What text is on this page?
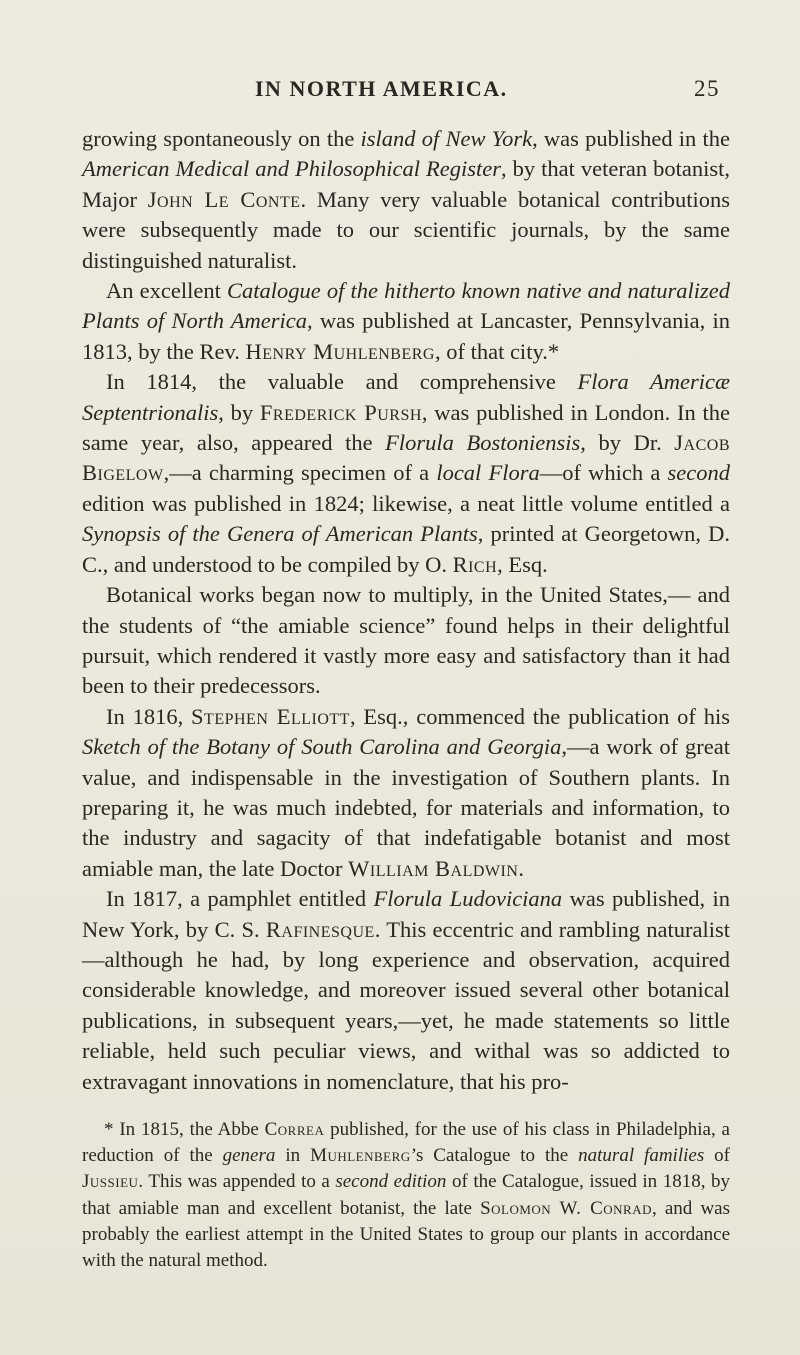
IN NORTH AMERICA.	25

growing spontaneously on the island of New York, was published in the American Medical and Philosophical Register, by that veteran botanist, Major John Le Conte. Many very valuable botanical contributions were subsequently made to our scientific journals, by the same distinguished naturalist.

An excellent Catalogue of the hitherto known native and naturalized Plants of North America, was published at Lancaster, Pennsylvania, in 1813, by the Rev. Henry Muhlenberg, of that city.*

In 1814, the valuable and comprehensive Flora Americæ Septentrionalis, by Frederick Pursh, was published in London. In the same year, also, appeared the Florula Bostoniensis, by Dr. Jacob Bigelow,—a charming specimen of a local Flora—of which a second edition was published in 1824; likewise, a neat little volume entitled a Synopsis of the Genera of American Plants, printed at Georgetown, D. C., and understood to be compiled by O. Rich, Esq.

Botanical works began now to multiply, in the United States,— and the students of “the amiable science” found helps in their delightful pursuit, which rendered it vastly more easy and satisfactory than it had been to their predecessors.

In 1816, Stephen Elliott, Esq., commenced the publication of his Sketch of the Botany of South Carolina and Georgia,—a work of great value, and indispensable in the investigation of Southern plants. In preparing it, he was much indebted, for materials and information, to the industry and sagacity of that indefatigable botanist and most amiable man, the late Doctor William Baldwin.

In 1817, a pamphlet entitled Florula Ludoviciana was published, in New York, by C. S. Rafinesque. This eccentric and rambling naturalist—although he had, by long experience and observation, acquired considerable knowledge, and moreover issued several other botanical publications, in subsequent years,—yet, he made statements so little reliable, held such peculiar views, and withal was so addicted to extravagant innovations in nomenclature, that his pro-

* In 1815, the Abbe Correa published, for the use of his class in Philadelphia, a reduction of the genera in Muhlenberg’s Catalogue to the natural families of Jussieu. This was appended to a second edition of the Catalogue, issued in 1818, by that amiable man and excellent botanist, the late Solomon W. Conrad, and was probably the earliest attempt in the United States to group our plants in accordance with the natural method.
